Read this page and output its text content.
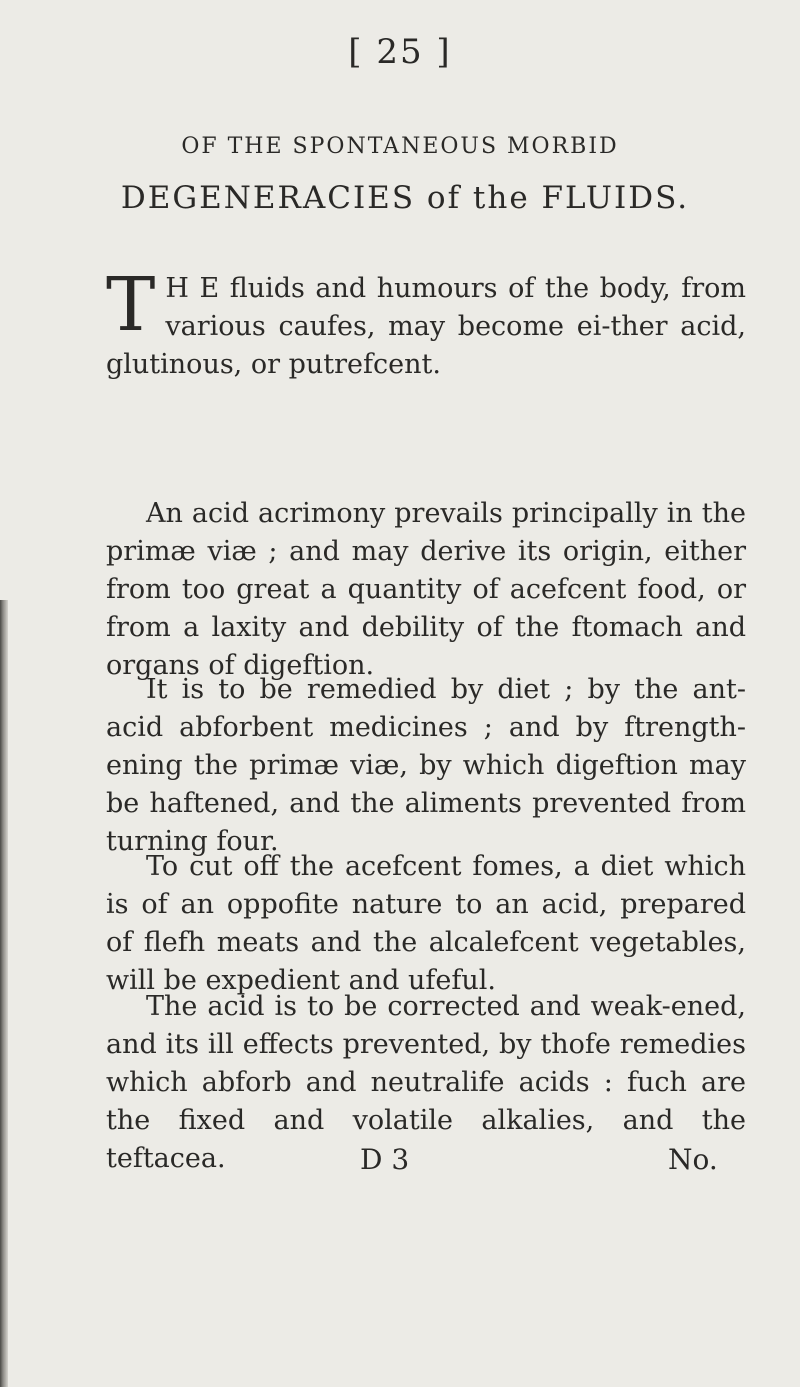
[ 25 ]
OF THE SPONTANEOUS MORBID
DEGENERACIES of the FLUIDS.

T H E fluids and humours of the body, from various caufes, may become ei-ther acid, glutinous, or putrefcent.

An acid acrimony prevails principally in the primæ viæ ; and may derive its origin, either from too great a quantity of acefcent food, or from a laxity and debility of the ftomach and organs of digeftion.

It is to be remedied by diet ; by the ant-acid abforbent medicines ; and by ftrength-ening the primæ viæ, by which digeftion may be haftened, and the aliments prevented from turning four.

To cut off the acefcent fomes, a diet which is of an oppofite nature to an acid, prepared of flefh meats and the alcalefcent vegetables, will be expedient and ufeful.

The acid is to be corrected and weak-ened, and its ill effects prevented, by thofe remedies which abforb and neutralife acids : fuch are the fixed and volatile alkalies, and the teftacea.	D 3	No.
